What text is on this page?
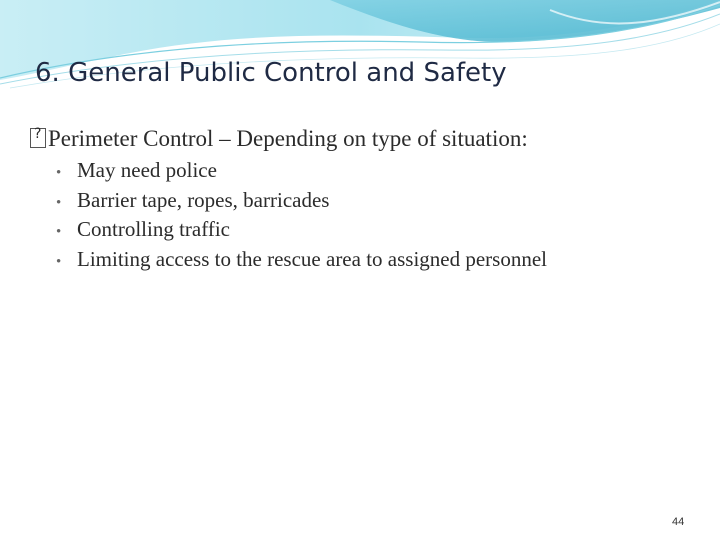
6. General Public Control and Safety
?Perimeter Control – Depending on type of situation:
• May need police
• Barrier tape, ropes, barricades
• Controlling traffic
• Limiting access to the rescue area to assigned personnel
44
